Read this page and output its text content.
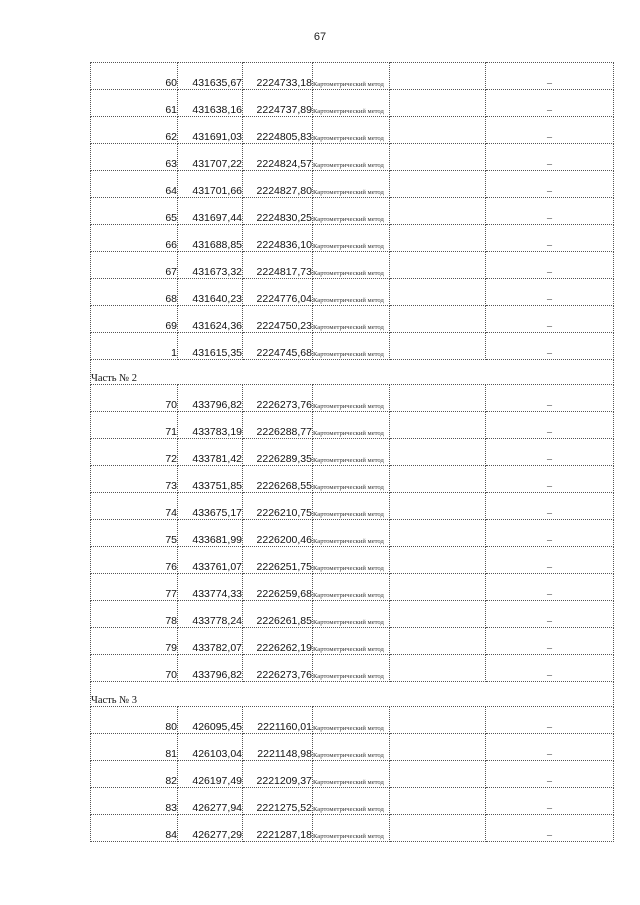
67
60	431635,67	2224733,18	Картометрический метод		–
61	431638,16	2224737,89	Картометрический метод		–
62	431691,03	2224805,83	Картометрический метод		–
63	431707,22	2224824,57	Картометрический метод		–
64	431701,66	2224827,80	Картометрический метод		–
65	431697,44	2224830,25	Картометрический метод		–
66	431688,85	2224836,10	Картометрический метод		–
67	431673,32	2224817,73	Картометрический метод		–
68	431640,23	2224776,04	Картометрический метод		–
69	431624,36	2224750,23	Картометрический метод		–
1	431615,35	2224745,68	Картометрический метод		–
Часть № 2					
70	433796,82	2226273,76	Картометрический метод		–
71	433783,19	2226288,77	Картометрический метод		–
72	433781,42	2226289,35	Картометрический метод		–
73	433751,85	2226268,55	Картометрический метод		–
74	433675,17	2226210,75	Картометрический метод		–
75	433681,99	2226200,46	Картометрический метод		–
76	433761,07	2226251,75	Картометрический метод		–
77	433774,33	2226259,68	Картометрический метод		–
78	433778,24	2226261,85	Картометрический метод		–
79	433782,07	2226262,19	Картометрический метод		–
70	433796,82	2226273,76	Картометрический метод		–
Часть № 3					
80	426095,45	2221160,01	Картометрический метод		–
81	426103,04	2221148,98	Картометрический метод		–
82	426197,49	2221209,37	Картометрический метод		–
83	426277,94	2221275,52	Картометрический метод		–
84	426277,29	2221287,18	Картометрический метод		–
